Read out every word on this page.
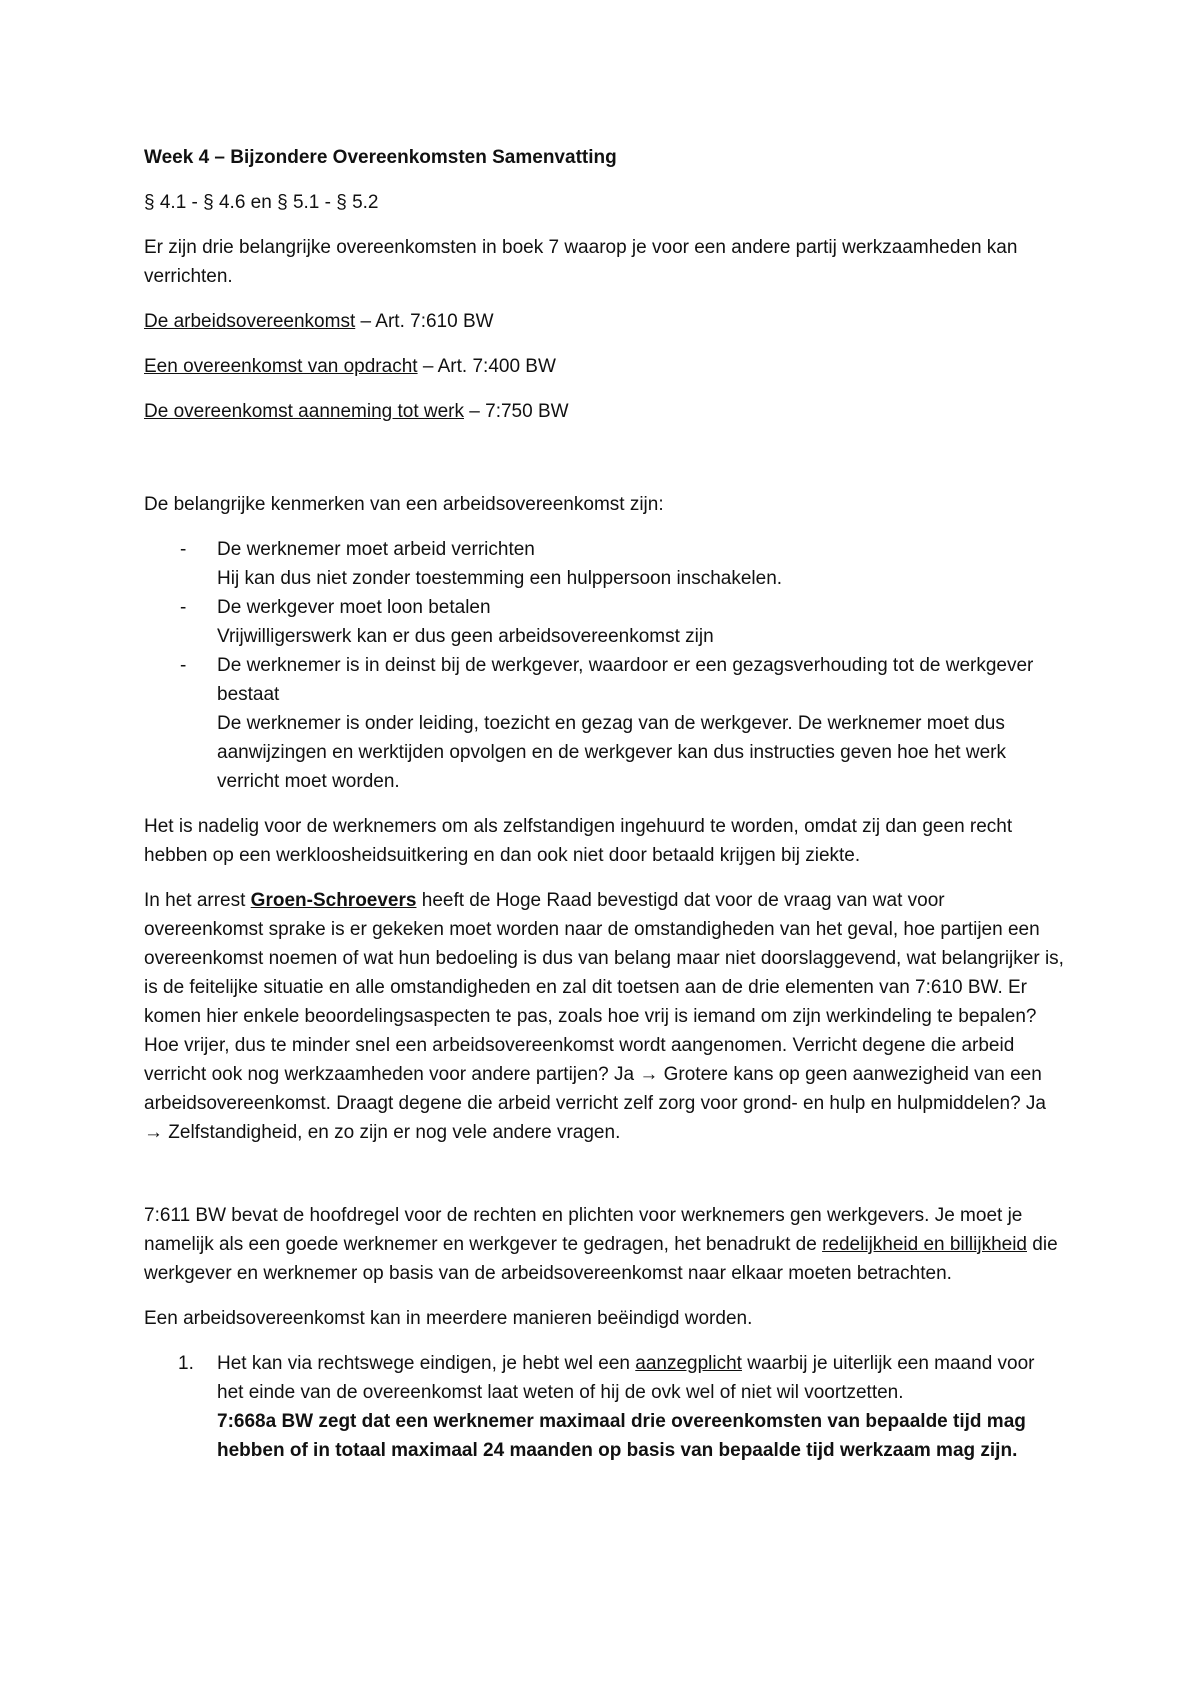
Week 4 – Bijzondere Overeenkomsten Samenvatting

§ 4.1 - § 4.6 en § 5.1 - § 5.2

Er zijn drie belangrijke overeenkomsten in boek 7 waarop je voor een andere partij werkzaamheden kan verrichten.

De arbeidsovereenkomst – Art. 7:610 BW

Een overeenkomst van opdracht – Art. 7:400 BW

De overeenkomst aanneming tot werk – 7:750 BW

De belangrijke kenmerken van een arbeidsovereenkomst zijn:

- De werknemer moet arbeid verrichten
Hij kan dus niet zonder toestemming een hulppersoon inschakelen.
- De werkgever moet loon betalen
Vrijwilligerswerk kan er dus geen arbeidsovereenkomst zijn
- De werknemer is in deinst bij de werkgever, waardoor er een gezagsverhouding tot de werkgever bestaat
De werknemer is onder leiding, toezicht en gezag van de werkgever. De werknemer moet dus aanwijzingen en werktijden opvolgen en de werkgever kan dus instructies geven hoe het werk verricht moet worden.

Het is nadelig voor de werknemers om als zelfstandigen ingehuurd te worden, omdat zij dan geen recht hebben op een werkloosheidsuitkering en dan ook niet door betaald krijgen bij ziekte.

In het arrest Groen-Schroevers heeft de Hoge Raad bevestigd dat voor de vraag van wat voor overeenkomst sprake is er gekeken moet worden naar de omstandigheden van het geval, hoe partijen een overeenkomst noemen of wat hun bedoeling is dus van belang maar niet doorslaggevend, wat belangrijker is, is de feitelijke situatie en alle omstandigheden en zal dit toetsen aan de drie elementen van 7:610 BW. Er komen hier enkele beoordelingsaspecten te pas, zoals hoe vrij is iemand om zijn werkindeling te bepalen? Hoe vrijer, dus te minder snel een arbeidsovereenkomst wordt aangenomen. Verricht degene die arbeid verricht ook nog werkzaamheden voor andere partijen? Ja → Grotere kans op geen aanwezigheid van een arbeidsovereenkomst. Draagt degene die arbeid verricht zelf zorg voor grond- en hulp en hulpmiddelen? Ja → Zelfstandigheid, en zo zijn er nog vele andere vragen.

7:611 BW bevat de hoofdregel voor de rechten en plichten voor werknemers gen werkgevers. Je moet je namelijk als een goede werknemer en werkgever te gedragen, het benadrukt de redelijkheid en billijkheid die werkgever en werknemer op basis van de arbeidsovereenkomst naar elkaar moeten betrachten.

Een arbeidsovereenkomst kan in meerdere manieren beëindigd worden.

1. Het kan via rechtswege eindigen, je hebt wel een aanzegplicht waarbij je uiterlijk een maand voor het einde van de overeenkomst laat weten of hij de ovk wel of niet wil voortzetten.
7:668a BW zegt dat een werknemer maximaal drie overeenkomsten van bepaalde tijd mag hebben of in totaal maximaal 24 maanden op basis van bepaalde tijd werkzaam mag zijn.
